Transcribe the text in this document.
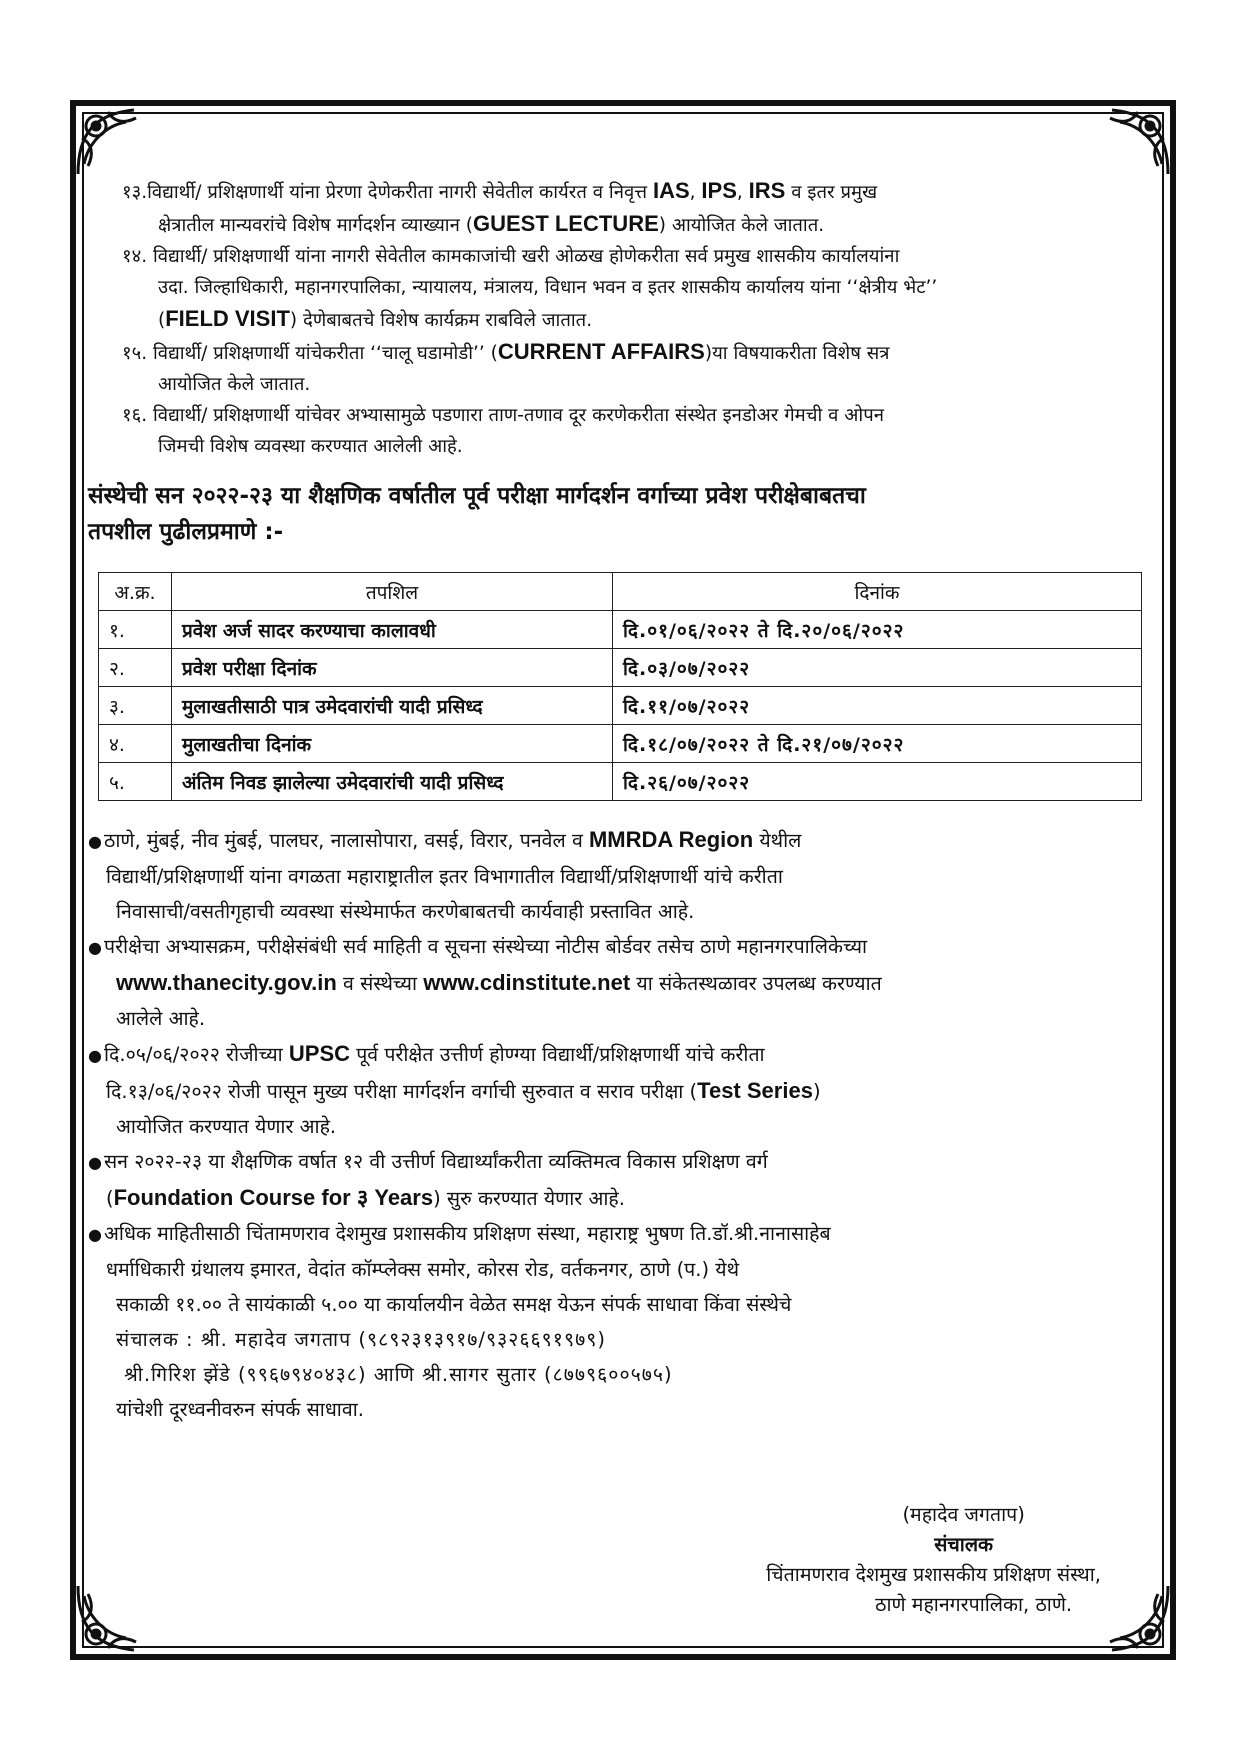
१३.विद्यार्थी/ प्रशिक्षणार्थी यांना प्रेरणा देणेकरीता नागरी सेवेतील कार्यरत व निवृत्त IAS, IPS, IRS व इतर प्रमुख
क्षेत्रातील मान्यवरांचे विशेष मार्गदर्शन व्याख्यान (GUEST LECTURE) आयोजित केले जातात.

१४. विद्यार्थी/ प्रशिक्षणार्थी यांना नागरी सेवेतील कामकाजांची खरी ओळख होणेकरीता सर्व प्रमुख शासकीय कार्यालयांना
उदा. जिल्हाधिकारी, महानगरपालिका, न्यायालय, मंत्रालय, विधान भवन व इतर शासकीय कार्यालय यांना ‘‘क्षेत्रीय भेट’’
(FIELD VISIT) देणेबाबतचे विशेष कार्यक्रम राबविले जातात.

१५. विद्यार्थी/ प्रशिक्षणार्थी यांचेकरीता ‘‘चालू घडामोडी’’ (CURRENT AFFAIRS)या विषयाकरीता विशेष सत्र
आयोजित केले जातात.

१६. विद्यार्थी/ प्रशिक्षणार्थी यांचेवर अभ्यासामुळे पडणारा ताण-तणाव दूर करणेकरीता संस्थेत इनडोअर गेमची व ओपन
जिमची विशेष व्यवस्था करण्यात आलेली आहे.

संस्थेची सन २०२२-२३ या शैक्षणिक वर्षातील पूर्व परीक्षा मार्गदर्शन वर्गाच्या प्रवेश परीक्षेबाबतचा
तपशील पुढीलप्रमाणे :-
अ.क्र.	तपशिल	दिनांक
१.	प्रवेश अर्ज सादर करण्याचा कालावधी	दि.०१/०६/२०२२ ते दि.२०/०६/२०२२
२.	प्रवेश परीक्षा दिनांक	दि.०३/०७/२०२२
३.	मुलाखतीसाठी पात्र उमेदवारांची यादी प्रसिध्द	दि.११/०७/२०२२
४.	मुलाखतीचा दिनांक	दि.१८/०७/२०२२ ते दि.२१/०७/२०२२
५.	अंतिम निवड झालेल्या उमेदवारांची यादी प्रसिध्द	दि.२६/०७/२०२२
● ठाणे, मुंबई, नीव मुंबई, पालघर, नालासोपारा, वसई, विरार, पनवेल व MMRDA Region येथील
विद्यार्थी/प्रशिक्षणार्थी यांना वगळता महाराष्ट्रातील इतर विभागातील विद्यार्थी/प्रशिक्षणार्थी यांचे करीता
निवासाची/वसतीगृहाची व्यवस्था संस्थेमार्फत करणेबाबतची कार्यवाही प्रस्तावित आहे.
● परीक्षेचा अभ्यासक्रम, परीक्षेसंबंधी सर्व माहिती व सूचना संस्थेच्या नोटीस बोर्डवर तसेच ठाणे महानगरपालिकेच्या
www.thanecity.gov.in व संस्थेच्या www.cdinstitute.net या संकेतस्थळावर उपलब्ध करण्यात
आलेले आहे.
● दि.०५/०६/२०२२ रोजीच्या UPSC पूर्व परीक्षेत उत्तीर्ण होण्ग्या विद्यार्थी/प्रशिक्षणार्थी यांचे करीता
दि.१३/०६/२०२२ रोजी पासून मुख्य परीक्षा मार्गदर्शन वर्गाची सुरुवात व सराव परीक्षा (Test Series)
आयोजित करण्यात येणार आहे.
● सन २०२२-२३ या शैक्षणिक वर्षात १२ वी उत्तीर्ण विद्यार्थ्यांकरीता व्यक्तिमत्व विकास प्रशिक्षण वर्ग
(Foundation Course for ३ Years) सुरु करण्यात येणार आहे.
● अधिक माहितीसाठी चिंतामणराव देशमुख प्रशासकीय प्रशिक्षण संस्था, महाराष्ट्र भुषण ति.डॉ.श्री.नानासाहेब
धर्माधिकारी ग्रंथालय इमारत, वेदांत कॉम्प्लेक्स समोर, कोरस रोड, वर्तकनगर, ठाणे (प.) येथे
सकाळी ११.०० ते सायंकाळी ५.०० या कार्यालयीन वेळेत समक्ष येऊन संपर्क साधावा किंवा संस्थेचे
संचालक : श्री. महादेव जगताप (९८९२३१३९१७/९३२६६९१९७९)
श्री.गिरिश झेंडे (९९६७९४०४३८) आणि श्री.सागर सुतार (८७७९६००५७५)
यांचेशी दूरध्वनीवरुन संपर्क साधावा.
(महादेव जगताप)
संचालक
चिंतामणराव देशमुख प्रशासकीय प्रशिक्षण संस्था,
ठाणे महानगरपालिका, ठाणे.
